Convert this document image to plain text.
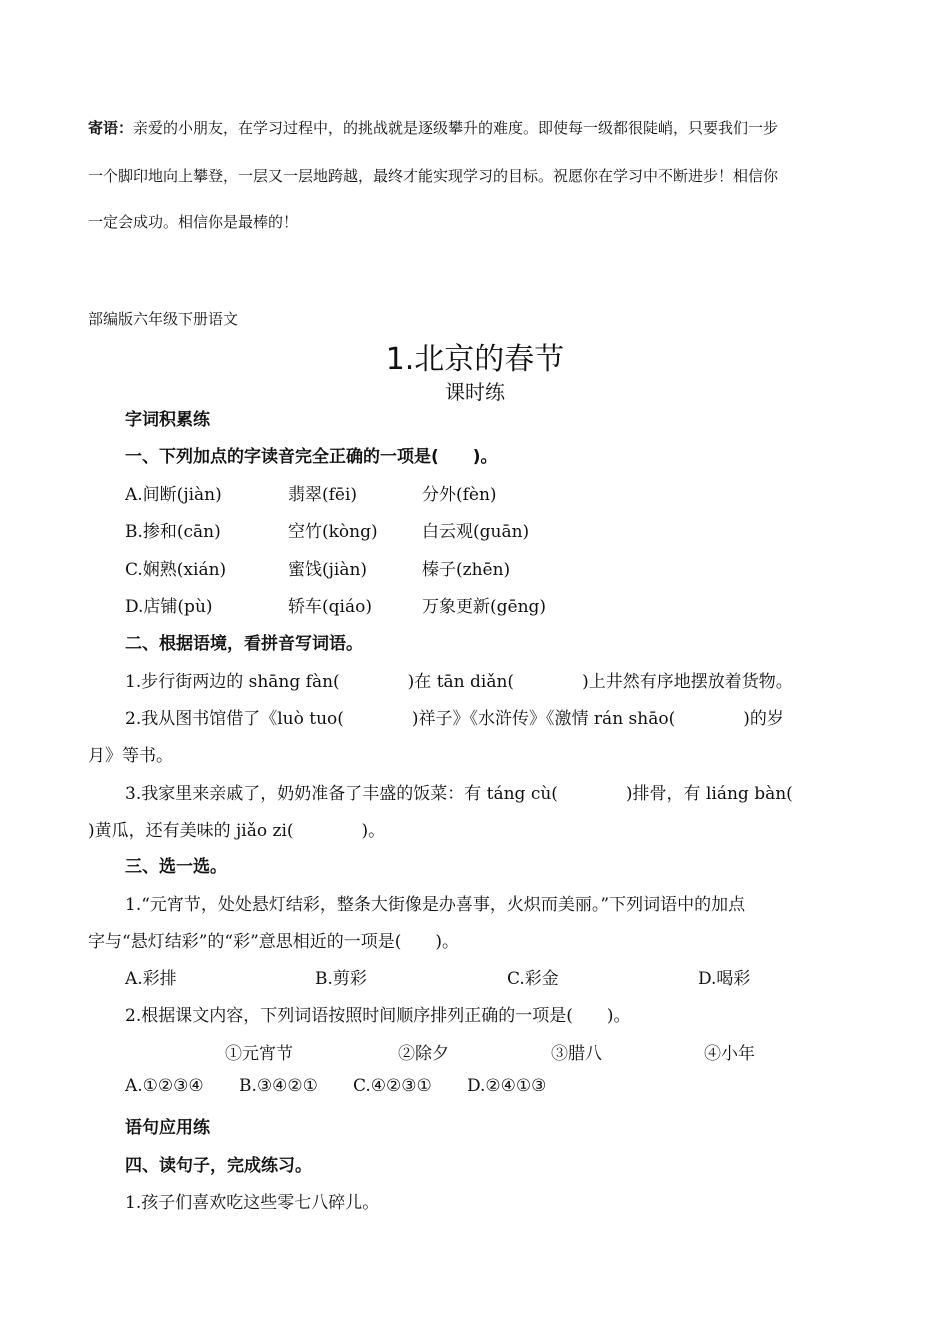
寄语：亲爱的小朋友，在学习过程中，的挑战就是逐级攀升的难度。即使每一级都很陡峭，只要我们一步
一个脚印地向上攀登，一层又一层地跨越，最终才能实现学习的目标。祝愿你在学习中不断进步！相信你
一定会成功。相信你是最棒的！
部编版六年级下册语文
1.北京的春节
课时练
字词积累练
一、下列加点的字读音完全正确的一项是(　　)。
A.间断(jiàn)	翡翠(fēi)	分外(fèn)
B.掺和(cān)	空竹(kòng)	白云观(guān)
C.娴熟(xián)	蜜饯(jiàn)	榛子(zhēn)
D.店铺(pù)	轿车(qiáo)	万象更新(gēng)
二、根据语境，看拼音写词语。
1.步行街两边的 shāng fàn(　　　　)在 tān diǎn(　　　　)上井然有序地摆放着货物。
2.我从图书馆借了《luò tuo(　　　　)祥子》《水浒传》《激情 rán shāo(　　　　)的岁
月》等书。
3.我家里来亲戚了，奶奶准备了丰盛的饭菜：有 táng cù(　　　　)排骨，有 liáng bàn(
)黄瓜，还有美味的 jiǎo zi(　　　　)。
三、选一选。
1.“元宵节，处处悬灯结彩，整条大街像是办喜事，火炽而美丽。”下列词语中的加点
字与“悬灯结彩”的“彩”意思相近的一项是(　　)。
A.彩排	B.剪彩	C.彩金	D.喝彩
2.根据课文内容，下列词语按照时间顺序排列正确的一项是(　　)。
①元宵节	②除夕	③腊八	④小年
A.①②③④ B.③④②① C.④②③① D.②④①③
语句应用练
四、读句子，完成练习。
1.孩子们喜欢吃这些零七八碎儿。
